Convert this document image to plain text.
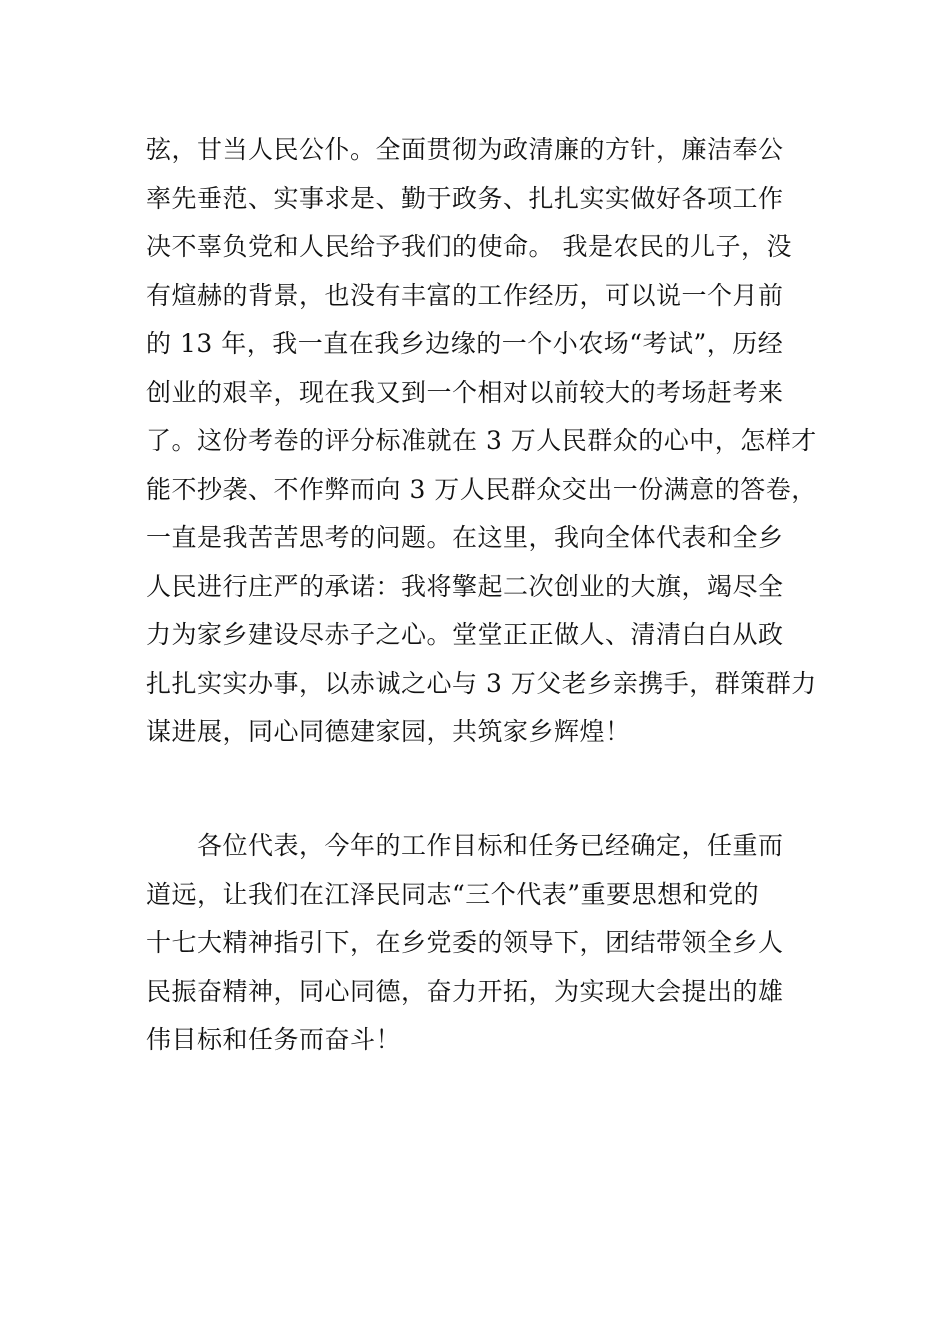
弦，甘当人民公仆。全面贯彻为政清廉的方针，廉洁奉公
率先垂范、实事求是、勤于政务、扎扎实实做好各项工作
决不辜负党和人民给予我们的使命。 我是农民的儿子，没
有煊赫的背景，也没有丰富的工作经历，可以说一个月前
的 13 年，我一直在我乡边缘的一个小农场“考试”，历经
创业的艰辛，现在我又到一个相对以前较大的考场赶考来
了。这份考卷的评分标准就在 3 万人民群众的心中，怎样才
能不抄袭、不作弊而向 3 万人民群众交出一份满意的答卷，
一直是我苦苦思考的问题。在这里，我向全体代表和全乡
人民进行庄严的承诺：我将擎起二次创业的大旗，竭尽全
力为家乡建设尽赤子之心。堂堂正正做人、清清白白从政
扎扎实实办事，以赤诚之心与 3 万父老乡亲携手，群策群力
谋进展，同心同德建家园，共筑家乡辉煌！
　　各位代表，今年的工作目标和任务已经确定，任重而
道远，让我们在江泽民同志“三个代表”重要思想和党的
十七大精神指引下，在乡党委的领导下，团结带领全乡人
民振奋精神，同心同德，奋力开拓，为实现大会提出的雄
伟目标和任务而奋斗！
